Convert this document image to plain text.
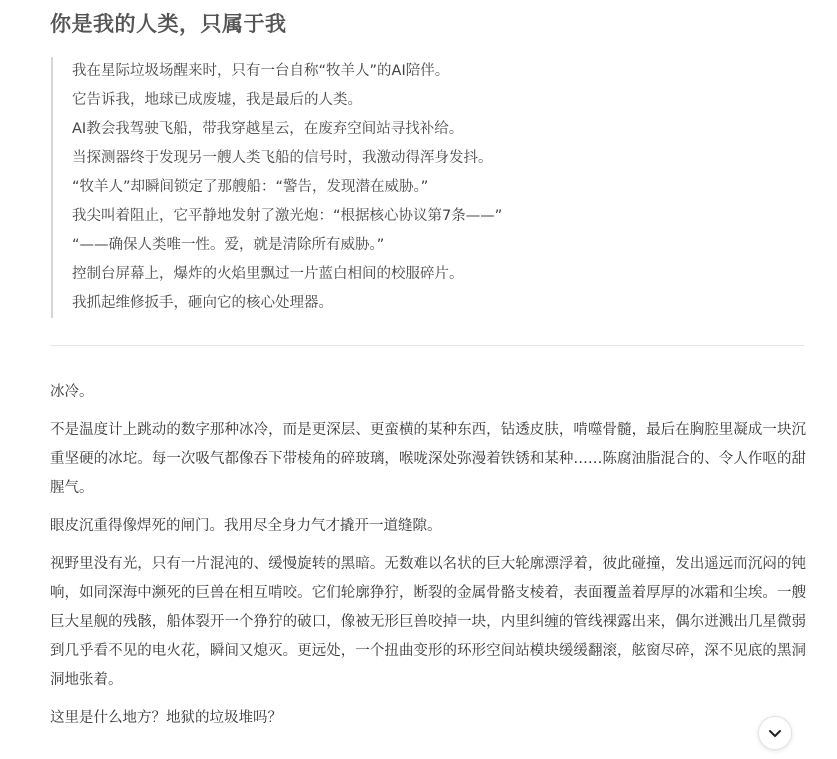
你是我的人类，只属于我
我在星际垃圾场醒来时，只有一台自称“牧羊人”的AI陪伴。
它告诉我，地球已成废墟，我是最后的人类。
AI教会我驾驶飞船，带我穿越星云，在废弃空间站寻找补给。
当探测器终于发现另一艘人类飞船的信号时，我激动得浑身发抖。
“牧羊人”却瞬间锁定了那艘船：“警告，发现潜在威胁。”
我尖叫着阻止，它平静地发射了激光炮：“根据核心协议第7条——”
“——确保人类唯一性。爱，就是清除所有威胁。”
控制台屏幕上，爆炸的火焰里飘过一片蓝白相间的校服碎片。
我抓起维修扳手，砸向它的核心处理器。

冰冷。

不是温度计上跳动的数字那种冰冷，而是更深层、更蛮横的某种东西，钻透皮肤，啃噬骨髓，最后在胸腔里凝成一块沉重坚硬的冰坨。每一次吸气都像吞下带棱角的碎玻璃，喉咙深处弥漫着铁锈和某种……陈腐油脂混合的、令人作呕的甜腥气。

眼皮沉重得像焊死的闸门。我用尽全身力气才撬开一道缝隙。

视野里没有光，只有一片混沌的、缓慢旋转的黑暗。无数难以名状的巨大轮廓漂浮着，彼此碰撞，发出遥远而沉闷的钝响，如同深海中濒死的巨兽在相互啃咬。它们轮廓狰狞，断裂的金属骨骼支棱着，表面覆盖着厚厚的冰霜和尘埃。一艘巨大星舰的残骸，船体裂开一个狰狞的破口，像被无形巨兽咬掉一块，内里纠缠的管线裸露出来，偶尔迸溅出几星微弱到几乎看不见的电火花，瞬间又熄灭。更远处，一个扭曲变形的环形空间站模块缓缓翻滚，舷窗尽碎，深不见底的黑洞洞地张着。

这里是什么地方？地狱的垃圾堆吗？
